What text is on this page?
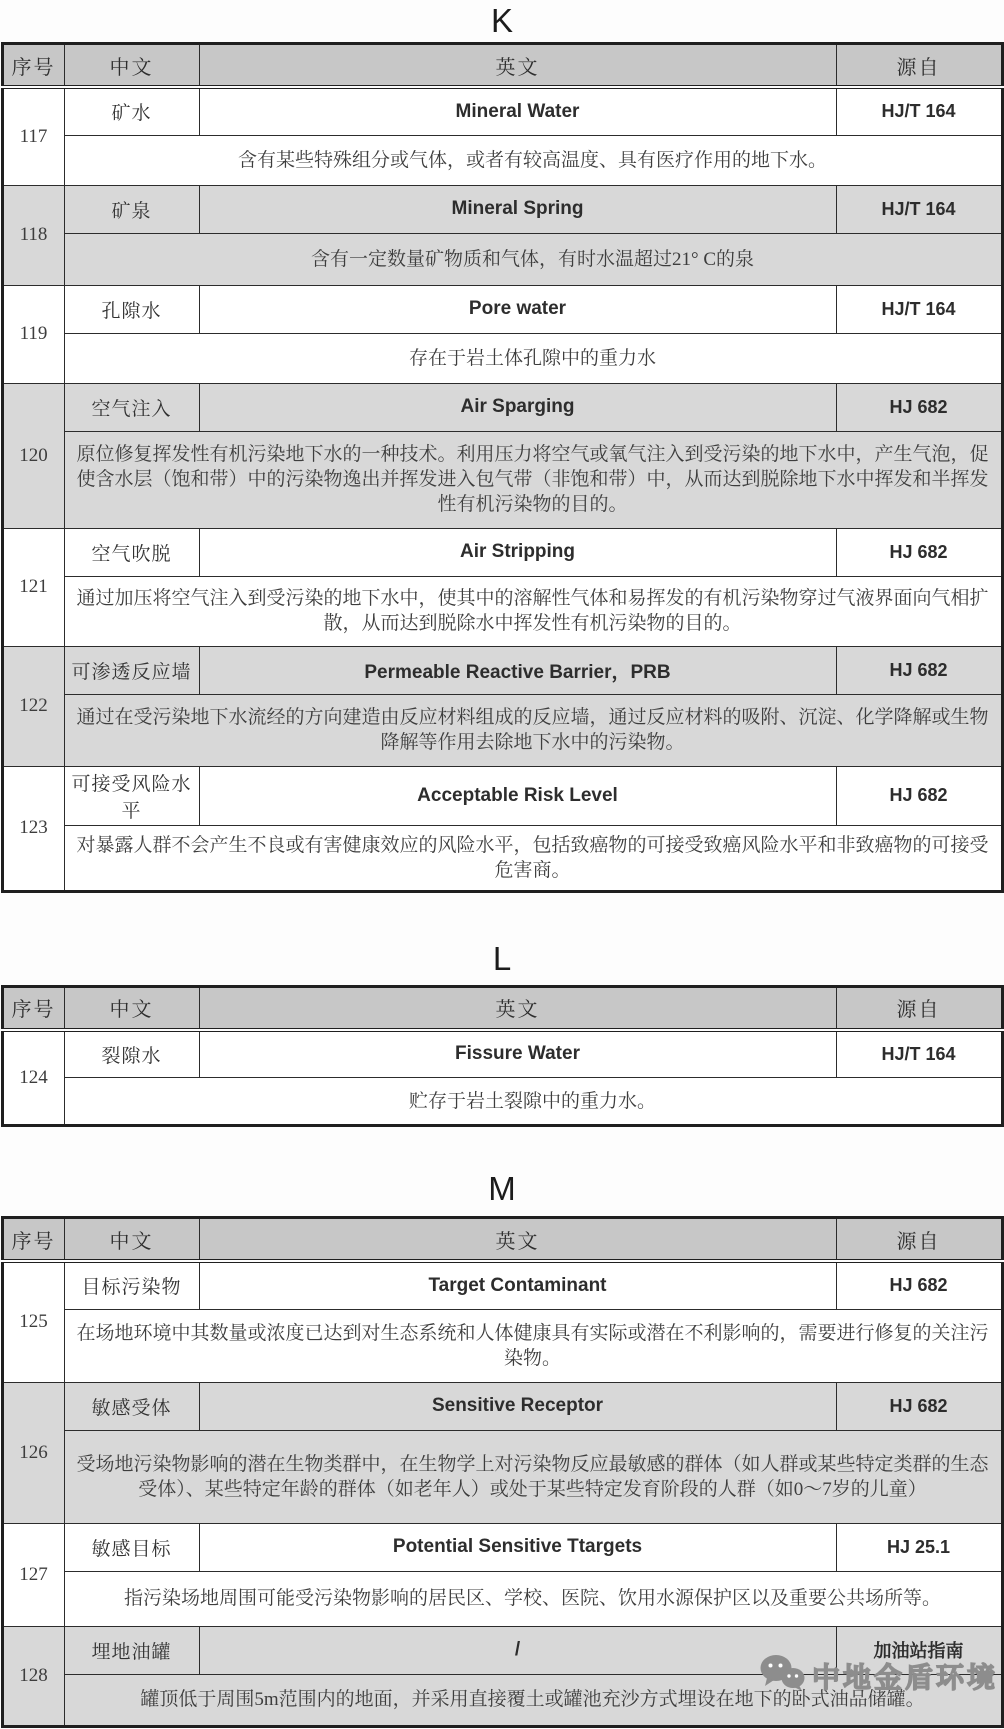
K
序号	中文	英文	源自
117	矿水	Mineral Water	HJ/T 164
	含有某些特殊组分或气体，或者有较高温度、具有医疗作用的地下水。		
118	矿泉	Mineral Spring	HJ/T 164
	含有一定数量矿物质和气体，有时水温超过21° C的泉		
119	孔隙水	Pore water	HJ/T 164
	存在于岩土体孔隙中的重力水		
120	空气注入	Air Sparging	HJ 682
	原位修复挥发性有机污染地下水的一种技术。利用压力将空气或氧气注入到受污染的地下水中，产生气泡，促使含水层（饱和带）中的污染物逸出并挥发进入包气带（非饱和带）中，从而达到脱除地下水中挥发和半挥发性有机污染物的目的。		
121	空气吹脱	Air Stripping	HJ 682
	通过加压将空气注入到受污染的地下水中，使其中的溶解性气体和易挥发的有机污染物穿过气液界面向气相扩散，从而达到脱除水中挥发性有机污染物的目的。		
122	可渗透反应墙	Permeable Reactive Barrier，PRB	HJ 682
	通过在受污染地下水流经的方向建造由反应材料组成的反应墙，通过反应材料的吸附、沉淀、化学降解或生物降解等作用去除地下水中的污染物。		
123	可接受风险水平	Acceptable Risk Level	HJ 682
	对暴露人群不会产生不良或有害健康效应的风险水平，包括致癌物的可接受致癌风险水平和非致癌物的可接受危害商。		
L
序号	中文	英文	源自
124	裂隙水	Fissure Water	HJ/T 164
	贮存于岩土裂隙中的重力水。		
M
序号	中文	英文	源自
125	目标污染物	Target Contaminant	HJ 682
	在场地环境中其数量或浓度已达到对生态系统和人体健康具有实际或潜在不利影响的，需要进行修复的关注污染物。		
126	敏感受体	Sensitive Receptor	HJ 682
	受场地污染物影响的潜在生物类群中，在生物学上对污染物反应最敏感的群体（如人群或某些特定类群的生态受体）、某些特定年龄的群体（如老年人）或处于某些特定发育阶段的人群（如0～7岁的儿童）		
127	敏感目标	Potential Sensitive Ttargets	HJ 25.1
	指污染场地周围可能受污染物影响的居民区、学校、医院、饮用水源保护区以及重要公共场所等。		
128	埋地油罐	/	加油站指南
	罐顶低于周围5m范围内的地面，并采用直接覆土或罐池充沙方式埋设在地下的卧式油品储罐。		
中地金盾环境
